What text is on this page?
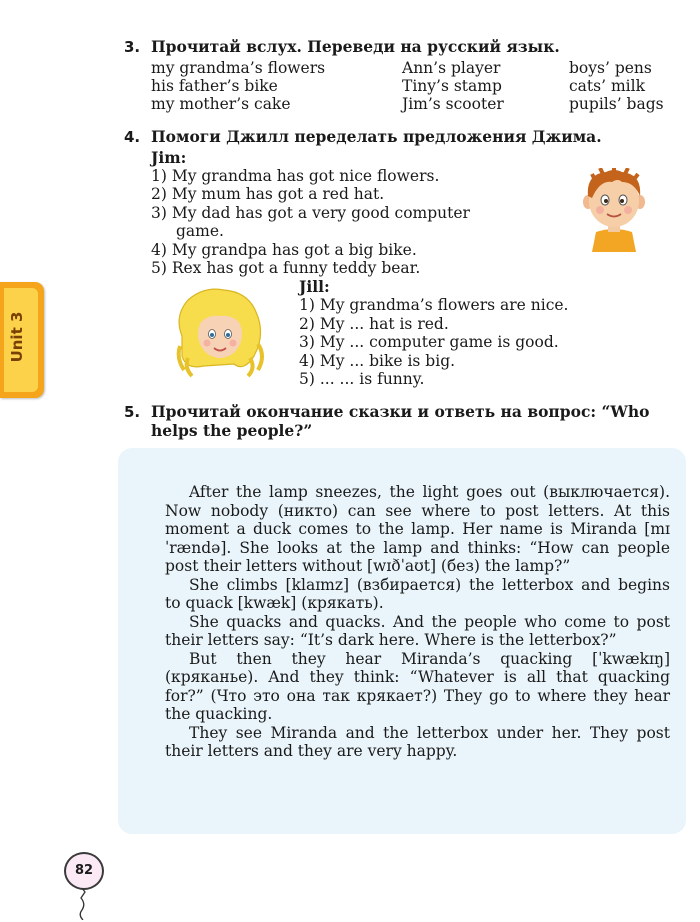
Unit 3
3. Прочитай вслух. Переведи на русский язык.
my grandma’s flowers
his father’s bike
my mother’s cake
Ann’s player
Tiny’s stamp
Jim’s scooter
boys’ pens
cats’ milk
pupils’ bags
4. Помоги Джилл переделать предложения Джима.
Jim:
1) My grandma has got nice flowers.
2) My mum has got a red hat.
3) My dad has got a very good computer
game.
4) My grandpa has got a big bike.
5) Rex has got a funny teddy bear.
Jill:
1) My grandma’s flowers are nice.
2) My ... hat is red.
3) My ... computer game is good.
4) My ... bike is big.
5) ... ... is funny.
5. Прочитай окончание сказки и ответь на вопрос: “Who
helps the people?”

After the lamp sneezes, the light goes out (выключается). Now nobody (никто) can see where to post letters. At this moment a duck comes to the lamp. Her name is Miranda [mɪˈrændə]. She looks at the lamp and thinks: “How can people post their letters without [wɪðˈaʊt] (без) the lamp?”

She climbs [klaɪmz] (взбирается) the letterbox and begins to quack [kwæk] (крякать).

She quacks and quacks. And the people who come to post their letters say: “It’s dark here. Where is the letterbox?”

But then they hear Miranda’s quacking [ˈkwækɪŋ] (кряканье). And they think: “Whatever is all that quacking for?” (Что это она так крякает?) They go to where they hear the quacking.

They see Miranda and the letterbox under her. They post their letters and they are very happy.

82
